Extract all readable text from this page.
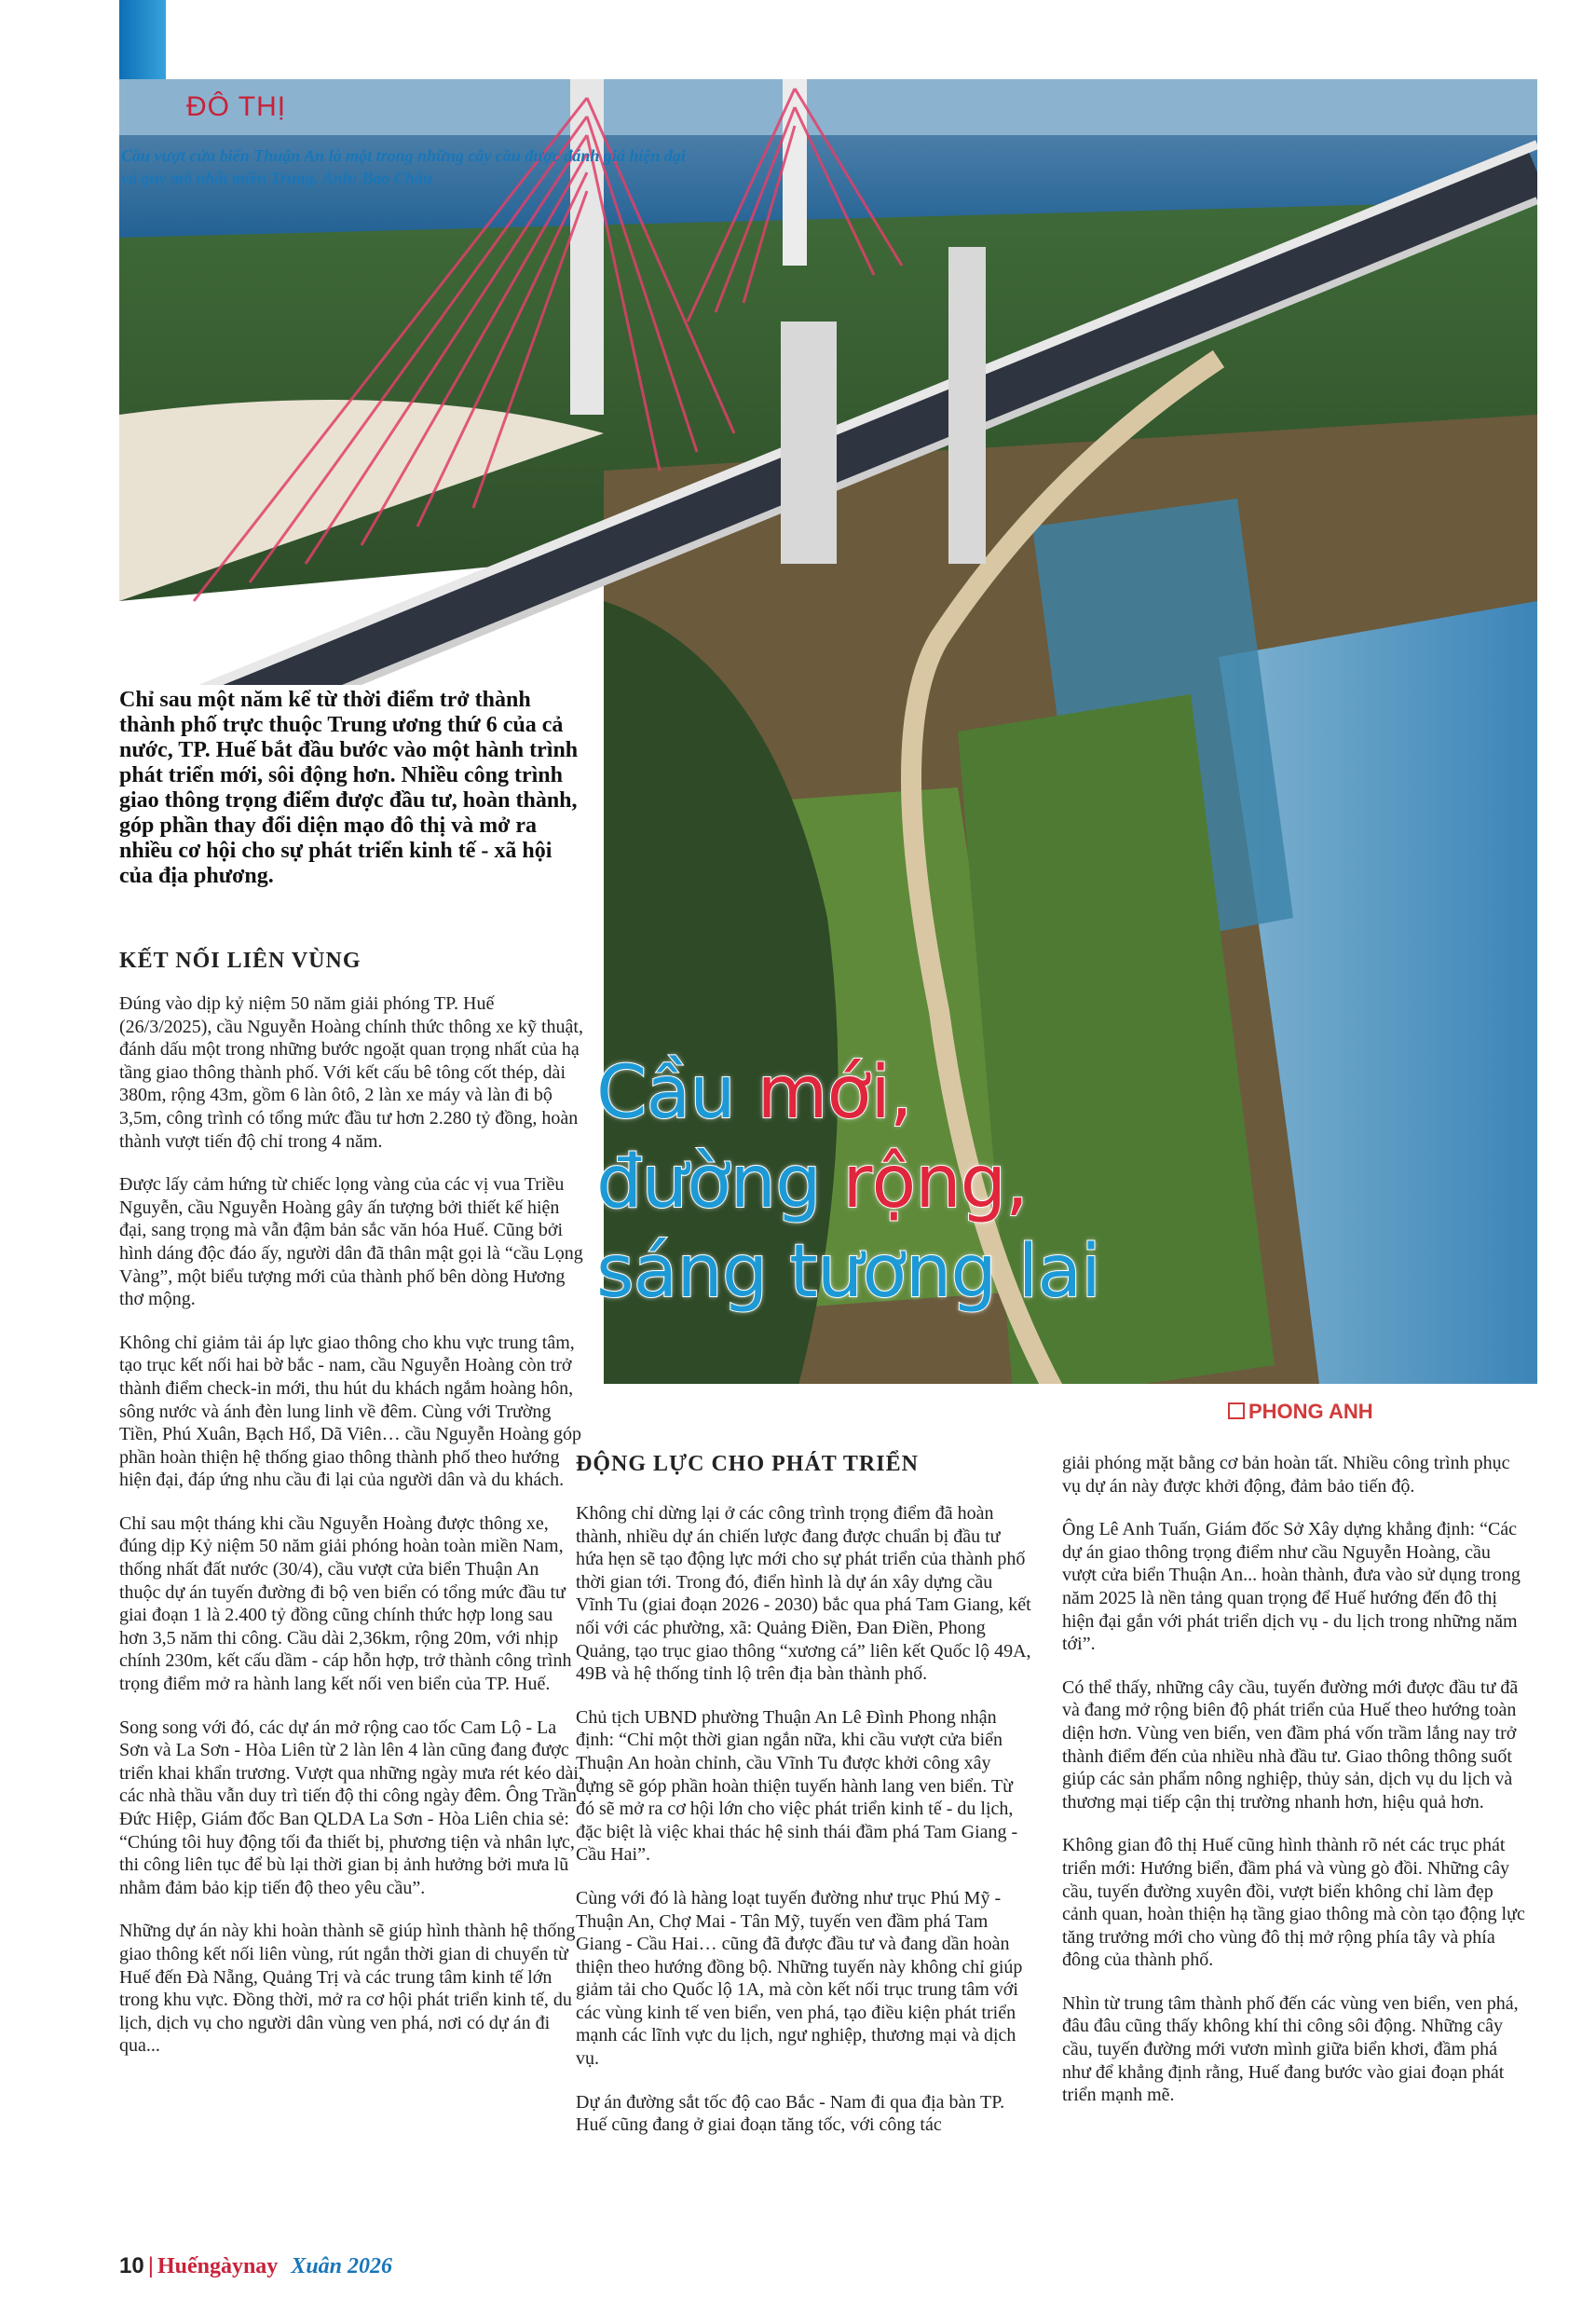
ĐÔ THỊ
Cầu vượt cửa biển Thuận An là một trong những cây cầu được đánh giá hiện đại và quy mô nhất miền Trung. Ảnh: Bảo Châu
Chỉ sau một năm kể từ thời điểm trở thành thành phố trực thuộc Trung ương thứ 6 của cả nước, TP. Huế bắt đầu bước vào một hành trình phát triển mới, sôi động hơn. Nhiều công trình giao thông trọng điểm được đầu tư, hoàn thành, góp phần thay đổi diện mạo đô thị và mở ra nhiều cơ hội cho sự phát triển kinh tế - xã hội của địa phương.
Cầu mới,
đường rộng,
sáng tương lai
PHONG ANH
KẾT NỐI LIÊN VÙNG

Đúng vào dịp kỷ niệm 50 năm giải phóng TP. Huế (26/3/2025), cầu Nguyễn Hoàng chính thức thông xe kỹ thuật, đánh dấu một trong những bước ngoặt quan trọng nhất của hạ tầng giao thông thành phố. Với kết cấu bê tông cốt thép, dài 380m, rộng 43m, gồm 6 làn ôtô, 2 làn xe máy và làn đi bộ 3,5m, công trình có tổng mức đầu tư hơn 2.280 tỷ đồng, hoàn thành vượt tiến độ chỉ trong 4 năm.

Được lấy cảm hứng từ chiếc lọng vàng của các vị vua Triều Nguyễn, cầu Nguyễn Hoàng gây ấn tượng bởi thiết kế hiện đại, sang trọng mà vẫn đậm bản sắc văn hóa Huế. Cũng bởi hình dáng độc đáo ấy, người dân đã thân mật gọi là “cầu Lọng Vàng”, một biểu tượng mới của thành phố bên dòng Hương thơ mộng.

Không chỉ giảm tải áp lực giao thông cho khu vực trung tâm, tạo trục kết nối hai bờ bắc - nam, cầu Nguyễn Hoàng còn trở thành điểm check-in mới, thu hút du khách ngắm hoàng hôn, sông nước và ánh đèn lung linh về đêm. Cùng với Trường Tiền, Phú Xuân, Bạch Hổ, Dã Viên… cầu Nguyễn Hoàng góp phần hoàn thiện hệ thống giao thông thành phố theo hướng hiện đại, đáp ứng nhu cầu đi lại của người dân và du khách.

Chỉ sau một tháng khi cầu Nguyễn Hoàng được thông xe, đúng dịp Kỷ niệm 50 năm giải phóng hoàn toàn miền Nam, thống nhất đất nước (30/4), cầu vượt cửa biển Thuận An thuộc dự án tuyến đường đi bộ ven biển có tổng mức đầu tư giai đoạn 1 là 2.400 tỷ đồng cũng chính thức hợp long sau hơn 3,5 năm thi công. Cầu dài 2,36km, rộng 20m, với nhịp chính 230m, kết cấu dầm - cáp hỗn hợp, trở thành công trình trọng điểm mở ra hành lang kết nối ven biển của TP. Huế.

Song song với đó, các dự án mở rộng cao tốc Cam Lộ - La Sơn và La Sơn - Hòa Liên từ 2 làn lên 4 làn cũng đang được triển khai khẩn trương. Vượt qua những ngày mưa rét kéo dài, các nhà thầu vẫn duy trì tiến độ thi công ngày đêm. Ông Trần Đức Hiệp, Giám đốc Ban QLDA La Sơn - Hòa Liên chia sẻ: “Chúng tôi huy động tối đa thiết bị, phương tiện và nhân lực, thi công liên tục để bù lại thời gian bị ảnh hưởng bởi mưa lũ nhằm đảm bảo kịp tiến độ theo yêu cầu”.

Những dự án này khi hoàn thành sẽ giúp hình thành hệ thống giao thông kết nối liên vùng, rút ngắn thời gian di chuyển từ Huế đến Đà Nẵng, Quảng Trị và các trung tâm kinh tế lớn trong khu vực. Đồng thời, mở ra cơ hội phát triển kinh tế, du lịch, dịch vụ cho người dân vùng ven phá, nơi có dự án đi qua...

ĐỘNG LỰC CHO PHÁT TRIỂN

Không chỉ dừng lại ở các công trình trọng điểm đã hoàn thành, nhiều dự án chiến lược đang được chuẩn bị đầu tư hứa hẹn sẽ tạo động lực mới cho sự phát triển của thành phố thời gian tới. Trong đó, điển hình là dự án xây dựng cầu Vĩnh Tu (giai đoạn 2026 - 2030) bắc qua phá Tam Giang, kết nối với các phường, xã: Quảng Điền, Đan Điền, Phong Quảng, tạo trục giao thông “xương cá” liên kết Quốc lộ 49A, 49B và hệ thống tỉnh lộ trên địa bàn thành phố.

Chủ tịch UBND phường Thuận An Lê Đình Phong nhận định: “Chỉ một thời gian ngắn nữa, khi cầu vượt cửa biển Thuận An hoàn chỉnh, cầu Vĩnh Tu được khởi công xây dựng sẽ góp phần hoàn thiện tuyến hành lang ven biển. Từ đó sẽ mở ra cơ hội lớn cho việc phát triển kinh tế - du lịch, đặc biệt là việc khai thác hệ sinh thái đầm phá Tam Giang - Cầu Hai”.

Cùng với đó là hàng loạt tuyến đường như trục Phú Mỹ - Thuận An, Chợ Mai - Tân Mỹ, tuyến ven đầm phá Tam Giang - Cầu Hai… cũng đã được đầu tư và đang dần hoàn thiện theo hướng đồng bộ. Những tuyến này không chỉ giúp giảm tải cho Quốc lộ 1A, mà còn kết nối trục trung tâm với các vùng kinh tế ven biển, ven phá, tạo điều kiện phát triển mạnh các lĩnh vực du lịch, ngư nghiệp, thương mại và dịch vụ.

Dự án đường sắt tốc độ cao Bắc - Nam đi qua địa bàn TP. Huế cũng đang ở giai đoạn tăng tốc, với công tác

giải phóng mặt bằng cơ bản hoàn tất. Nhiều công trình phục vụ dự án này được khởi động, đảm bảo tiến độ.

Ông Lê Anh Tuấn, Giám đốc Sở Xây dựng khẳng định: “Các dự án giao thông trọng điểm như cầu Nguyễn Hoàng, cầu vượt cửa biển Thuận An... hoàn thành, đưa vào sử dụng trong năm 2025 là nền tảng quan trọng để Huế hướng đến đô thị hiện đại gắn với phát triển dịch vụ - du lịch trong những năm tới”.

Có thể thấy, những cây cầu, tuyến đường mới được đầu tư đã và đang mở rộng biên độ phát triển của Huế theo hướng toàn diện hơn. Vùng ven biển, ven đầm phá vốn trầm lắng nay trở thành điểm đến của nhiều nhà đầu tư. Giao thông thông suốt giúp các sản phẩm nông nghiệp, thủy sản, dịch vụ du lịch và thương mại tiếp cận thị trường nhanh hơn, hiệu quả hơn.

Không gian đô thị Huế cũng hình thành rõ nét các trục phát triển mới: Hướng biển, đầm phá và vùng gò đồi. Những cây cầu, tuyến đường xuyên đồi, vượt biển không chỉ làm đẹp cảnh quan, hoàn thiện hạ tầng giao thông mà còn tạo động lực tăng trưởng mới cho vùng đô thị mở rộng phía tây và phía đông của thành phố.

Nhìn từ trung tâm thành phố đến các vùng ven biển, ven phá, đâu đâu cũng thấy không khí thi công sôi động. Những cây cầu, tuyến đường mới vươn mình giữa biển khơi, đầm phá như để khẳng định rằng, Huế đang bước vào giai đoạn phát triển mạnh mẽ.

10 | Huếngàynay Xuân 2026
